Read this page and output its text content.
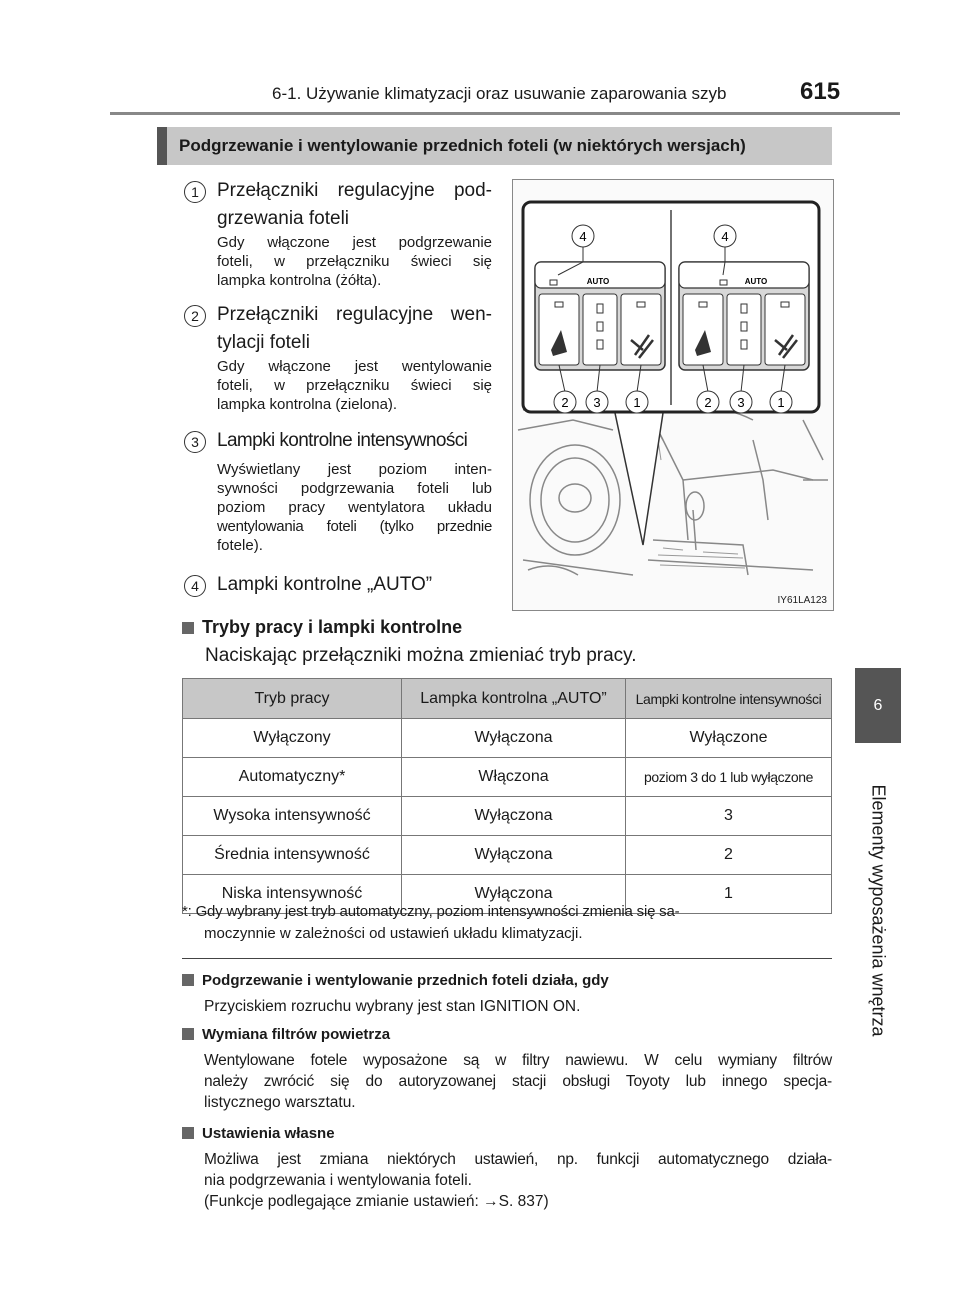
6-1. Używanie klimatyzacji oraz usuwanie zaparowania szyb	615
6
Elementy wyposażenia wnętrza
Podgrzewanie i wentylowanie przednich foteli (w niektórych wersjach)
1 Przełączniki regulacyjne pod-
grzewania foteli
Gdy włączone jest podgrzewanie
foteli, w przełączniku świeci się
lampka kontrolna (żółta).
2 Przełączniki regulacyjne wen-
tylacji foteli
Gdy włączone jest wentylowanie
foteli, w przełączniku świeci się
lampka kontrolna (zielona).
3 Lampki kontrolne intensywności
Wyświetlany jest poziom inten-
sywności podgrzewania foteli lub
poziom pracy wentylatora układu
wentylowania foteli (tylko przednie
fotele).
4 Lampki kontrolne „AUTO”
AUTO	AUTO
4	4
2 3	1	2 3	1
IY61LA123
Tryby pracy i lampki kontrolne
Naciskając przełączniki można zmieniać tryb pracy.
Tryb pracy	Lampka kontrolna „AUTO”	Lampki kontrolne intensywności
Wyłączony	Wyłączona	Wyłączone
Automatyczny*	Włączona	poziom 3 do 1 lub wyłączone
Wysoka intensywność	Wyłączona	3
Średnia intensywność	Wyłączona	2
Niska intensywność	Wyłączona	1
*: Gdy wybrany jest tryb automatyczny, poziom intensywności zmienia się sa-
moczynnie w zależności od ustawień układu klimatyzacji.
Podgrzewanie i wentylowanie przednich foteli działa, gdy
Przyciskiem rozruchu wybrany jest stan IGNITION ON.
Wymiana filtrów powietrza
Wentylowane fotele wyposażone są w filtry nawiewu. W celu wymiany filtrów
należy zwrócić się do autoryzowanej stacji obsługi Toyoty lub innego specja-
listycznego warsztatu.
Ustawienia własne
Możliwa jest zmiana niektórych ustawień, np. funkcji automatycznego działa-
nia podgrzewania i wentylowania foteli.
(Funkcje podlegające zmianie ustawień: →S. 837)
